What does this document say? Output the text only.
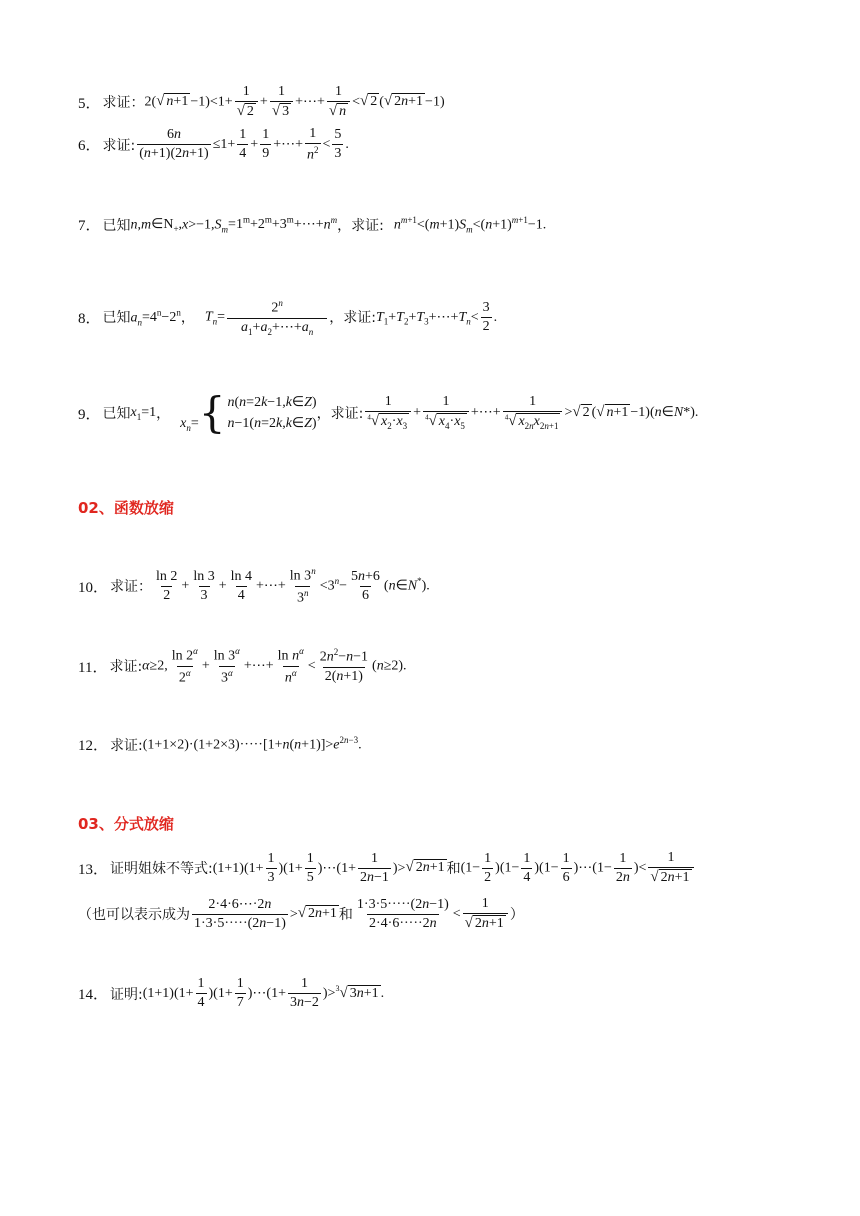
5． 求证： 2( √ $n+1 -1)<1+ \frac{1}{√ 2} + \frac{1}{√ 3}$ +⋯+ $\frac{1}{√ n}$ < √ 2 ( √ 2n+1 −1)
6． 求证: $\frac{6n}{(n+1)(2n+1)} \le 1+ \frac{1}{4} + \frac{1}{9}$ +⋯+ $\frac{1}{n^2} < \frac{5}{3}$ .
7． 已知 $n,m\in N_+,x>-1,S_m=1^m+2^m+3^m+\cdots+n^m$ ，求证: $n^{m+1}<(m+1)S_m<(n+1)^{m+1}-1$.
8． 已知 $a_n=4^n-2^n$ ， $T_n= \frac{2^n}{a_1+a_2+\cdots+a_n}$ ，求证: $T_1+T_2+T_3+\cdots+T_n< \frac{3}{2}$ .
9． 已知 $x_1=1$ ，
$x_n=$ { n(n=2k−1,k∈Z)
n−1(n=2k,k∈Z)
，求证: $\frac{1}{^4 √ x_2\cdot x_3} + \frac{1}{^4 √ x_4\cdot x_5}$ +⋯+ $\frac{1}{^4 √ x_{2n}x_{2n+1}}$ > √ 2 ( √ n+1 −1)(n∈N*).
02、函数放缩
10． 求证： $\frac{\ln 2}{2} + \frac{\ln 3}{3} + \frac{\ln 4}{4}$ +⋯+ $\frac{\ln 3^n}{3^n} <3^n- \frac{5n+6}{6}$ (n∈N*).
11． 求证: α≥2, $\frac{\ln 2^\alpha}{2^\alpha} + \frac{\ln 3^\alpha}{3^\alpha}$ +⋯+ $\frac{\ln n^\alpha}{n^\alpha} < \frac{2n^2-n-1}{2(n+1)} (n\ge 2)$.
12． 求证: $(1+1\times 2)\cdot(1+2\times 3)\cdot\cdot\cdot\cdot\cdot[1+n(n+1)]>e^{2n-3}$.
03、分式放缩
13． 证明姐妹不等式: $(1+1)(1+ \frac{1}{3} )(1+ \frac{1}{5}$ )⋯(1+ $\frac{1}{2n-1}$ )> √ 2n+1 和 $(1- \frac{1}{2} )(1- \frac{1}{4} )(1- \frac{1}{6}$ )⋯(1− $\frac{1}{2n}$ )< $\frac{1}{√ 2n+1}$
（也可以表示成为 $\frac{2\cdot 4\cdot 6\cdots\cdot 2n}{1\cdot 3\cdot 5\cdot\cdot\cdot\cdot\cdot(2n-1)}$ > √ 2n+1 和 $\frac{1\cdot 3\cdot 5\cdot\cdot\cdot\cdot\cdot(2n-1)}{2\cdot 4\cdot 6\cdot\cdot\cdot\cdot\cdot 2n} < \frac{1}{√ 2n+1}$ ）
14． 证明: $(1+1)(1+ \frac{1}{4} )(1+ \frac{1}{7}$ )⋯(1+ $\frac{1}{3n-2} )>^3$ √ 3n+1 .
